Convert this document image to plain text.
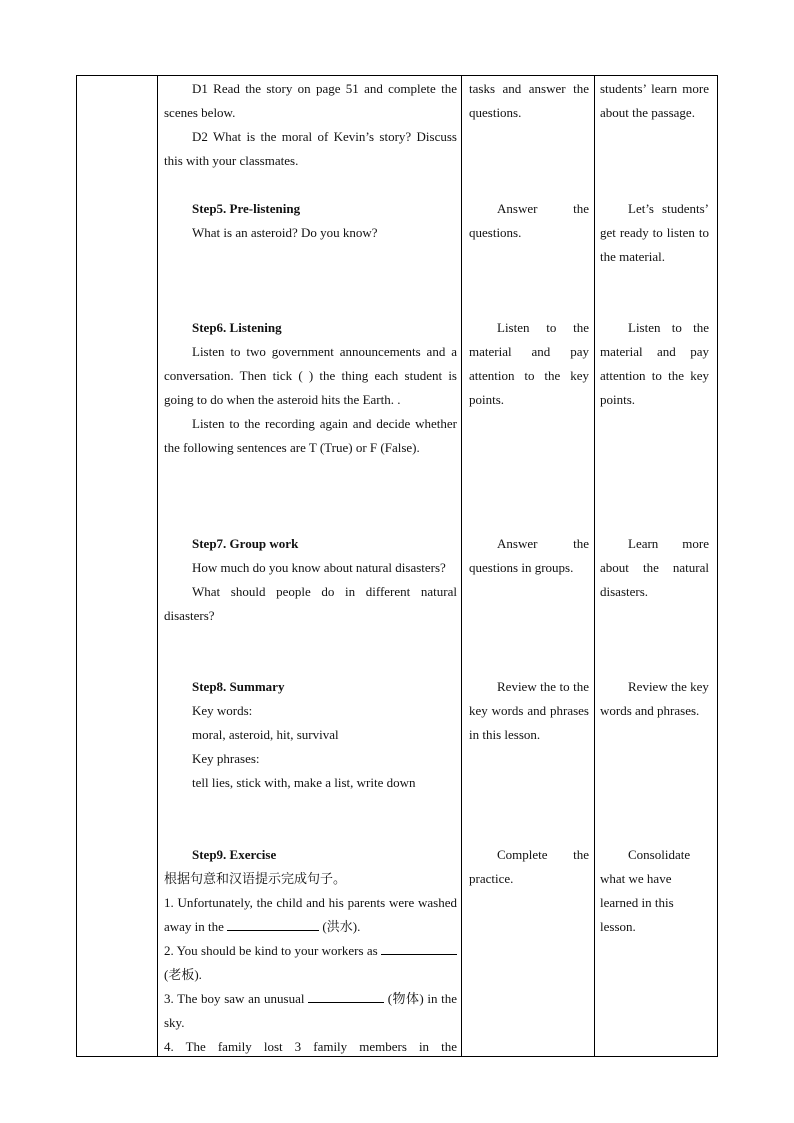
D1 Read the story on page 51 and complete the scenes below.

D2 What is the moral of Kevin’s story? Discuss this with your classmates.

tasks and answer the questions.
students’ learn more about the passage.

Step5. Pre-listening

What is an asteroid? Do you know?

Answer the questions.
Let’s students’ get ready to listen to the material.

Step6. Listening

Listen to two government announcements and a conversation. Then tick ( ) the thing each student is going to do when the asteroid hits the Earth. .

Listen to the recording again and decide whether the following sentences are T (True) or F (False).

Listen to the material and pay attention to the key points.
Listen to the material and pay attention to the key points.

Step7. Group work

How much do you know about natural disasters?

What should people do in different natural disasters?

Answer the questions in groups.
Learn more about the natural disasters.

Step8. Summary

Key words:

moral, asteroid, hit, survival

Key phrases:

tell lies, stick with, make a list, write down

Review the to the key words and phrases in this lesson.
Review the key words and phrases.

Step9. Exercise

根据句意和汉语提示完成句子。

1. Unfortunately, the child and his parents were washed away in the	(洪水).

2. You should be kind to your workers as  (老板).

3. The boy saw an unusual	(物体) in the sky.

4. The family lost 3 family members in the

Complete the practice.
Consolidate what we have learned in this lesson.
